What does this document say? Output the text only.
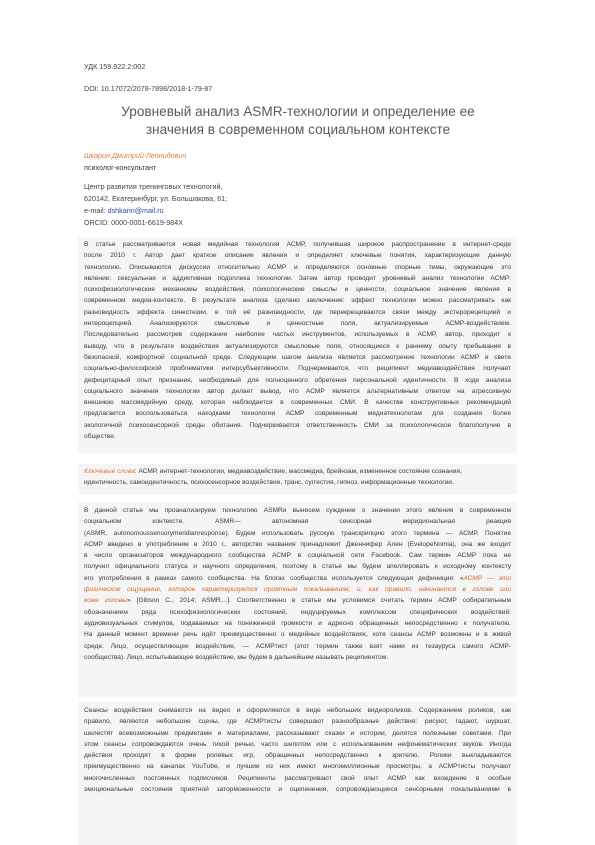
УДК 159.922.2:002
DOI: 10.17072/2078-7898/2018-1-79-87
Уровневый анализ ASMR-технологии и определение ее
значения в современном социальном контексте
Шкарин Дмитрий Леонидович
психолог-консультант
Центр развития тренинговых технологий,
620142, Екатеринбург, ул. Большакова, 61;
e-mail: dshkarin@mail.ru
ORCID: 0000-0001-6619-984X
В статье рассматривается новая медийная технология АСМР, получившая широкое распространение в интернет-среде
после 2010 г. Автор дает краткое описание явления и определяет ключевые понятия, характеризующие данную
технологию. Описываются дискуссии относительно АСМР и определяются основные спорные темы, окружающие это
явление: сексуальная и аддиктивная подоплека технологии. Затем автор проводит уровневый анализ технологии АСМР:
психофизиологические механизмы воздействия, психологические смыслы и ценности, социальное значение явления в
современном медиа-контексте. В результате анализа сделано заключение: эффект технологии можно рассматривать как
разновидность эффекта синестезии, в той её разновидности, где перекрещиваются связи между экстерорецепцией и
интероцепцией. Анализируются смысловые и ценностные поля, актуализируемые АСМР-воздействием.
Последовательно рассмотрев содержание наиболее частых инструментов, используемых в АСМР, автор, приходит к
выводу, что в результате воздействия актуализируются смысловые поля, относящиеся к раннему опыту пребывания в
безопасной, комфортной социальной среде. Следующим шагом анализа является рассмотрение технологии АСМР в свете
социально-философской проблематики интерсубъективности. Подчеркивается, что реципиент медиавоздействия получает
дефицитарный опыт признания, необходимый для полноценного обретения персональной идентичности. В ходе анализа
социального значения технологии автор делает вывод, что АСМР является альтернативным ответом на агрессивную
внешнюю массмедийную среду, которая наблюдается в современных СМИ. В качестве конструктивных рекомендаций
предлагается воспользоваться находками технологии АСМР современным медиатехнологам для создания более
экологичной психосенсорной среды обитания. Подчеркивается ответственность СМИ за психологическое благополучие в
обществе.
Ключевые слова: АСМР, интернет-технологии, медиавоздействие, массмедиа, брейнзам, измененное состояние сознания,
идентичность, самоидентичность, психосенсорное воздействие, транс, суггестия, гипноз, информационные технологии.
В данной статье мы проанализируем технологию ASMRи вынесем суждение о значении этого явления в современном
социальном контексте. ASMR— автономная сенсорная меридиональная реакция
(ASMR, autonomoussensorymeridianresponse). Будем использовать русскую транскрипцию этого термина — АСМР. Понятие
АСМР введено в употребление в 2010 г., авторство названия принадлежит Дженнифер Ален (EvelopeNomia), она же входит
в число организаторов международного сообщества АСМР в социальной сети Facebook. Сам термин АСМР пока не
получил официального статуса и научного определения, поэтому в статье мы будем апеллировать к исходному контексту
его употребления в рамках самого сообщества. На блогах сообщества используется следующая дефиниция: «АСМР — это
физическое ощущение, которое характеризуется приятным покалыванием, и, как правило, начинается в голове или
коже головы» [Gibson C., 2014; ASMR…]. Соответственно в статье мы условимся считать термин АСМР собирательным
обозначением ряда психофизиологических состояний, индуцируемых комплексом специфических воздействий:
аудиовизуальных стимулов, подаваемых на пониженной громкости и адресно обращенных непосредственно к получателю.
На данный момент времени речь идёт преимущественно о медийных воздействиях, хотя сеансы АСМР возможны и в живой
среде. Лицо, осуществляющее воздействие, — АСМРтист (этот термин также взят нами из тезауруса самого АСМР-
сообщества). Лицо, испытывающее воздействие, мы будем в дальнейшем называть реципиентом.
Сеансы воздействия снимаются на видео и оформляются в виде небольших видеороликов. Содержанием роликов, как
правило, являются небольшие сцены, где АСМРтисты совершают разнообразные действия: рисуют, гадают, шуршат,
шелестят всевозможными предметами и материалами, рассказывают сказки и истории, делятся полезными советами. При
этом сеансы сопровождаются очень тихой речью, часто шепотом или с использованием нефонематических звуков. Иногда
действия проходят в форме ролевых игр, обращенных непосредственно к зрителю. Ролики выкладываются
преимущественно на каналах YouTube, и лучшие из них имеют многомиллионные просмотры, а АСМРтисты получают
многочисленных постоянных подписчиков. Реципиенты рассматривают свой опыт АСМР как вхождение в особые
эмоциональные состояния приятной заторможенности и оцепенения, сопровождающиеся сенсорными покалываниями в
